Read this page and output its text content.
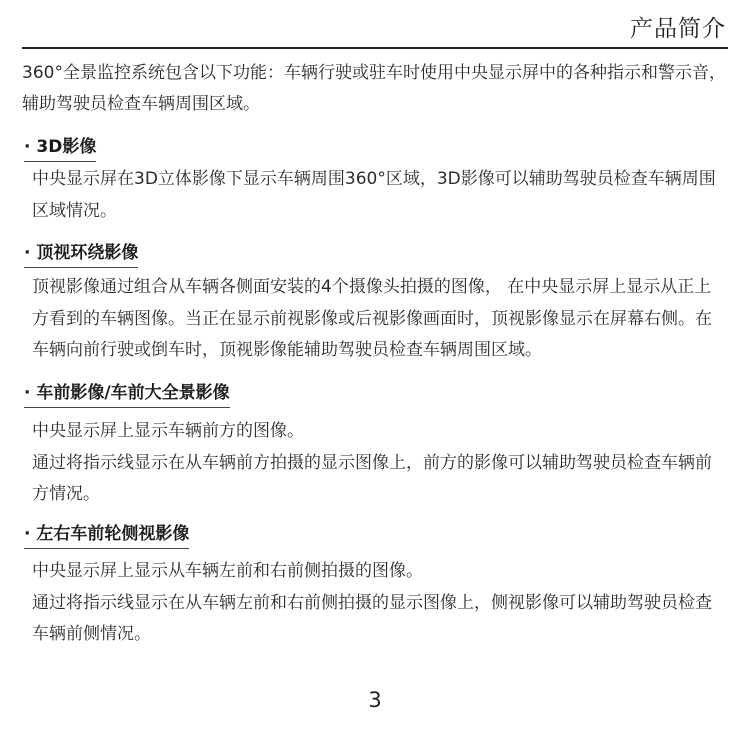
产品简介
360°全景监控系统包含以下功能：车辆行驶或驻车时使用中央显示屏中的各种指示和警示音，辅助驾驶员检查车辆周围区域。
· 3D影像

中央显示屏在3D立体影像下显示车辆周围360°区域，3D影像可以辅助驾驶员检查车辆周围区域情况。

· 顶视环绕影像

顶视影像通过组合从车辆各侧面安装的4个摄像头拍摄的图像， 在中央显示屏上显示从正上方看到的车辆图像。当正在显示前视影像或后视影像画面时，顶视影像显示在屏幕右侧。在车辆向前行驶或倒车时，顶视影像能辅助驾驶员检查车辆周围区域。

· 车前影像/车前大全景影像

中央显示屏上显示车辆前方的图像。

通过将指示线显示在从车辆前方拍摄的显示图像上，前方的影像可以辅助驾驶员检查车辆前方情况。

· 左右车前轮侧视影像

中央显示屏上显示从车辆左前和右前侧拍摄的图像。

通过将指示线显示在从车辆左前和右前侧拍摄的显示图像上，侧视影像可以辅助驾驶员检查车辆前侧情况。

3
